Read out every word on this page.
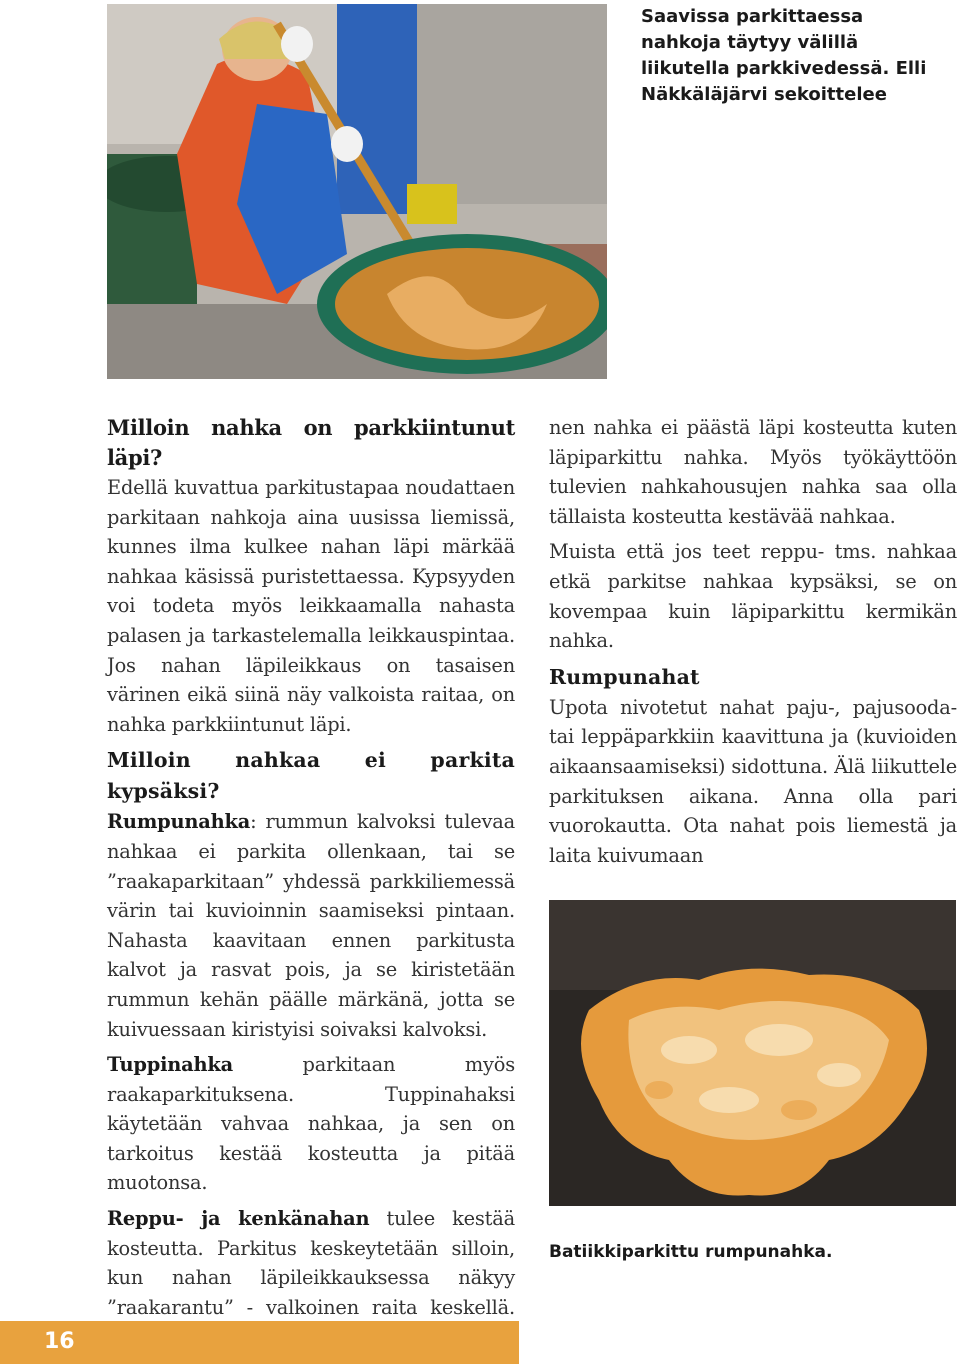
Saavissa parkittaessa nahkoja täytyy välillä liikutella parkkivedessä. Elli Näkkäläjärvi sekoittelee
Milloin nahka on parkkiintunut läpi?

Edellä kuvattua parkitustapaa noudattaen parkitaan nahkoja aina uusissa liemissä, kunnes ilma kulkee nahan läpi märkää nahkaa käsissä puristettaessa. Kypsyyden voi todeta myös leikkaamalla nahasta palasen ja tarkastelemalla leikkauspintaa. Jos nahan läpileikkaus on tasaisen värinen eikä siinä näy valkoista raitaa, on nahka parkkiintunut läpi.

Milloin nahkaa ei parkita kypsäksi?

Rumpunahka: rummun kalvoksi tulevaa nahkaa ei parkita ollenkaan, tai se ”raakaparkitaan” yhdessä parkkiliemessä värin tai kuvioinnin saamiseksi pintaan. Nahasta kaavitaan ennen parkitusta kalvot ja rasvat pois, ja se kiristetään rummun kehän päälle märkänä, jotta se kuivuessaan kiristyisi soivaksi kalvoksi.

Tuppinahka parkitaan myös raakaparkituksena. Tuppinahaksi käytetään vahvaa nahkaa, ja sen on tarkoitus kestää kosteutta ja pitää muotonsa.

Reppu- ja kenkänahan tulee kestää kosteutta. Parkitus keskeytetään silloin, kun nahan läpileikkauksessa näkyy ”raakarantu” - valkoinen raita keskellä.

nen nahka ei päästä läpi kosteutta kuten läpiparkittu nahka. Myös työkäyttöön tulevien nahkahousujen nahka saa olla tällaista kosteutta kestävää nahkaa.

Muista että jos teet reppu- tms. nahkaa etkä parkitse nahkaa kypsäksi, se on kovempaa kuin läpiparkittu kermikän nahka.

Rumpunahat

Upota nivotetut nahat paju-, pajusooda- tai leppäparkkiin kaavittuna ja (kuvioiden aikaansaamiseksi) sidottuna. Älä liikuttele parkituksen aikana. Anna olla pari vuorokautta. Ota nahat pois liemestä ja laita kuivumaan

Batiikkiparkittu rumpunahka.
16
